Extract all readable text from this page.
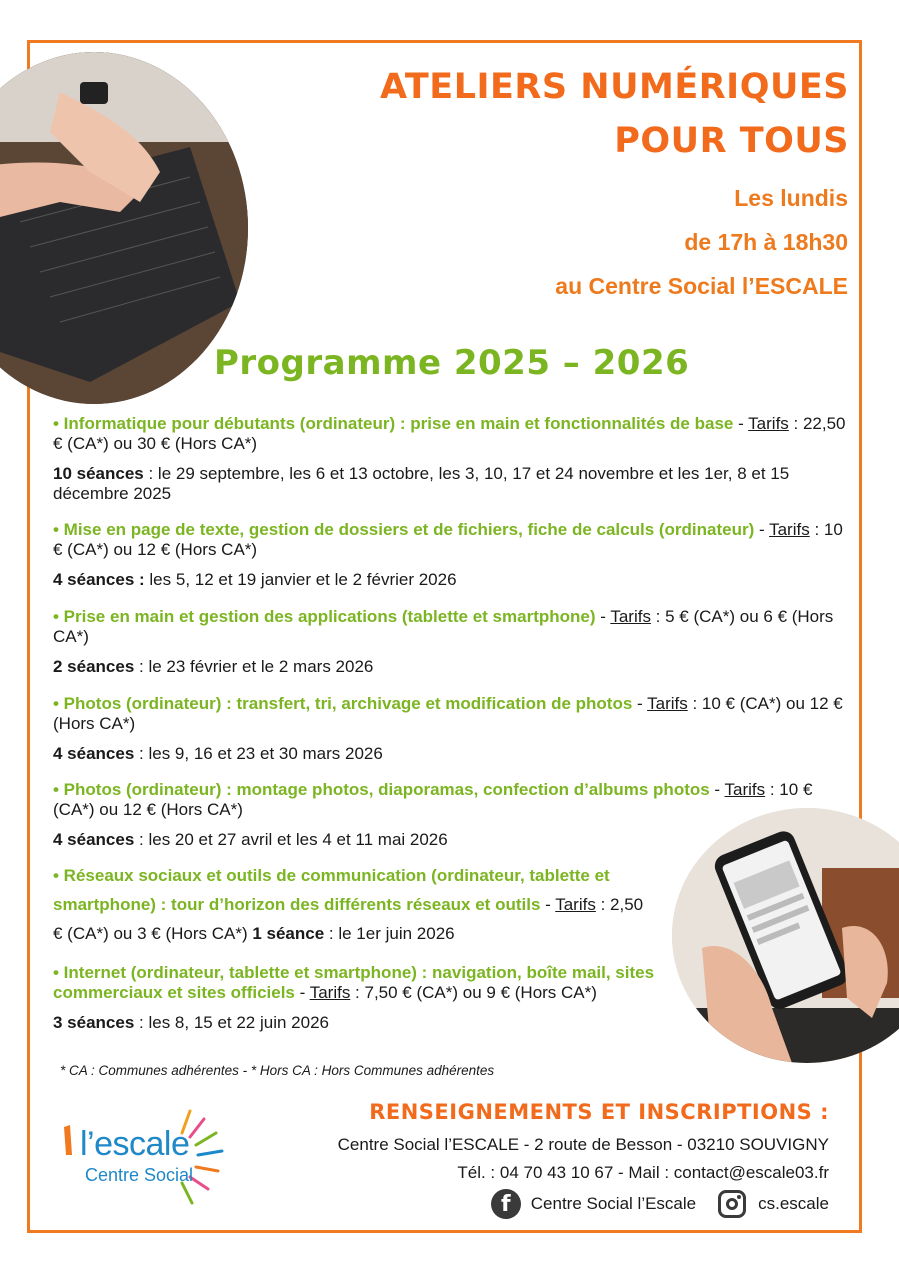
ATELIERS NUMÉRIQUES

POUR TOUS

Les lundis

de 17h à 18h30

au Centre Social l’ESCALE

Programme 2025 – 2026

• Informatique pour débutants (ordinateur) : prise en main et fonctionnalités de base - Tarifs : 22,50 € (CA*) ou 30 € (Hors CA*)

10 séances : le 29 septembre, les 6 et 13 octobre, les 3, 10, 17 et 24 novembre et les 1er, 8 et 15 décembre 2025

• Mise en page de texte, gestion de dossiers et de fichiers, fiche de calculs (ordinateur) - Tarifs : 10 € (CA*) ou 12 € (Hors CA*)

4 séances : les 5, 12 et 19 janvier et le 2 février 2026

• Prise en main et gestion des applications (tablette et smartphone) - Tarifs : 5 € (CA*) ou 6 € (Hors CA*)

2 séances : le 23 février et le 2 mars 2026

• Photos (ordinateur) : transfert, tri, archivage et modification de photos - Tarifs : 10 € (CA*) ou 12 € (Hors CA*)

4 séances : les 9, 16 et 23 et 30 mars 2026

• Photos (ordinateur) : montage photos, diaporamas, confection d’albums photos - Tarifs : 10 € (CA*) ou 12 € (Hors CA*)

4 séances : les 20 et 27 avril et les 4 et 11 mai 2026

• Réseaux sociaux et outils de communication (ordinateur, tablette et smartphone) : tour d’horizon des différents réseaux et outils - Tarifs : 2,50 € (CA*) ou 3 € (Hors CA*) 1 séance : le 1er juin 2026

• Internet (ordinateur, tablette et smartphone) : navigation, boîte mail, sites commerciaux et sites officiels - Tarifs : 7,50 € (CA*) ou 9 € (Hors CA*)

3 séances : les 8, 15 et 22 juin 2026

* CA : Communes adhérentes - * Hors CA : Hors Communes adhérentes

l’escale

Centre Social

RENSEIGNEMENTS ET INSCRIPTIONS :

Centre Social l’ESCALE - 2 route de Besson - 03210 SOUVIGNY

Tél. : 04 70 43 10 67 - Mail : contact@escale03.fr

f	Centre Social l’Escale	cs.escale
